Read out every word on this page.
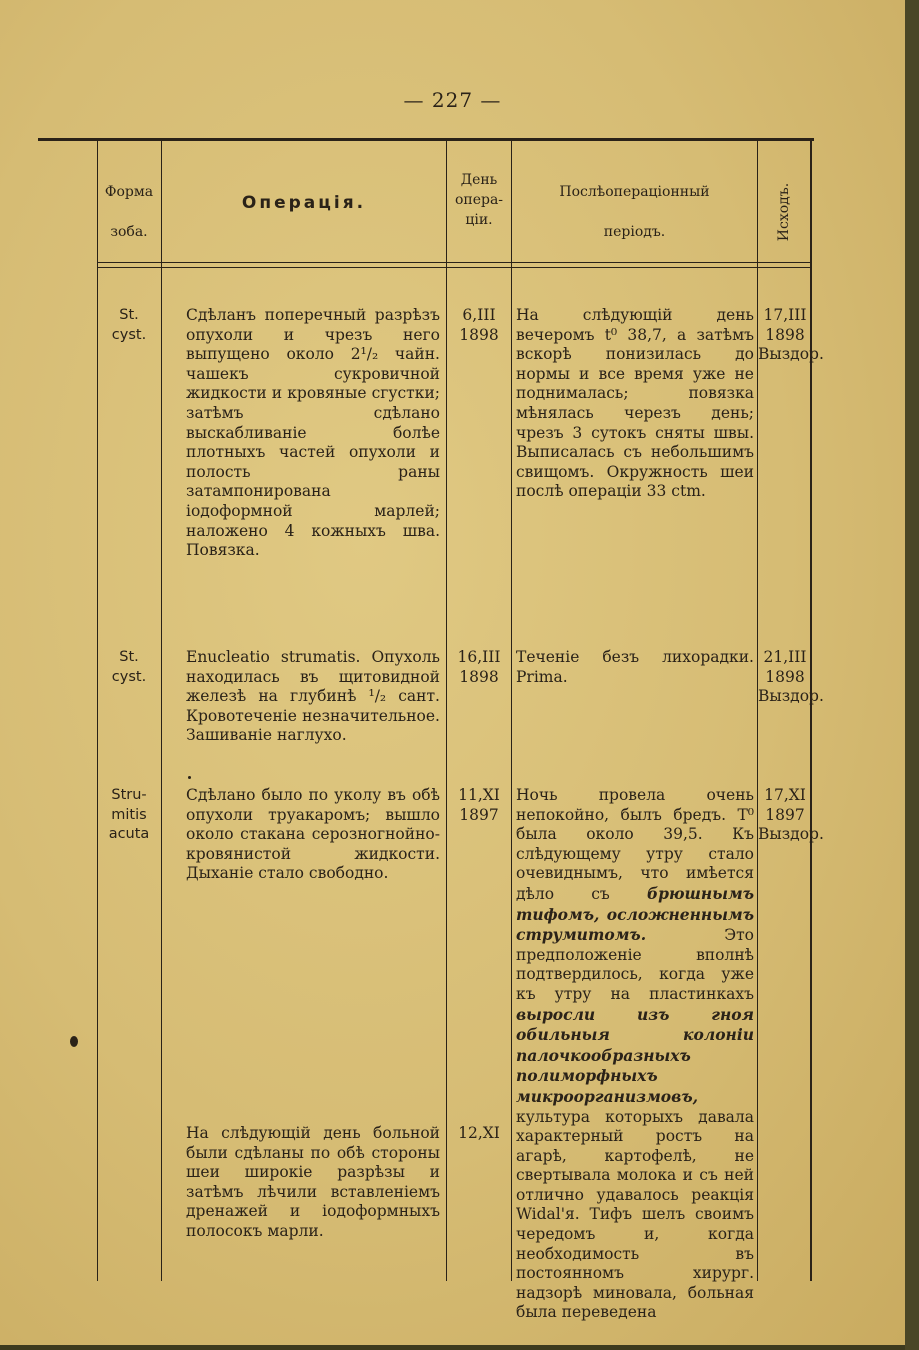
— 227 —
Форма
зоба.
Операція.
День
опера-
ціи.
Послѣопераціонный
періодъ.	Исходъ.
St.
cyst.
Сдѣланъ поперечный разрѣзъ опухоли и чрезъ него выпущено около 2¹/₂ чайн. чашекъ сукровичной жидкости и кровяные сгустки; затѣмъ сдѣлано выскабливаніе болѣе плотныхъ частей опухоли и полость раны затампонирована іодоформной марлей; наложено 4 кожныхъ шва. Повязка.
6,III
1898
На слѣдующій день вечеромъ t⁰ 38,7, а затѣмъ вскорѣ понизилась до нормы и все время уже не поднималась; повязка мѣнялась черезъ день; чрезъ 3 сутокъ сняты швы. Выписалась съ небольшимъ свищомъ. Окружность шеи послѣ операціи 33 ctm.
17,III
1898
Выздор.
St.
cyst.
Enucleatio strumatis. Опухоль находилась въ щитовидной железѣ на глубинѣ ¹/₂ сант. Кровотеченіе незначительное. Зашиваніе наглухо.
16,III
1898
Теченіе безъ лихорадки. Prima.
21,III
1898
Выздор.
Stru-
mitis
acuta
Сдѣлано было по уколу въ обѣ опухоли труакаромъ; вышло около стакана серозногнойно-кровянистой жидкости. Дыханіе стало свободно.
11,XI
1897
Ночь провела очень непокойно, былъ бредъ. T⁰ была около 39,5. Къ слѣдующему утру стало очевиднымъ, что имѣется дѣло съ брюшнымъ тифомъ, осложненнымъ струмитомъ.	Это предположеніе вполнѣ подтвердилось, когда уже къ утру на пластинкахъ выросли изъ гноя обильныя колоніи палочкообразныхъ полиморфныхъ микроорганизмовъ, культура которыхъ давала характерный ростъ на агарѣ, картофелѣ, не свертывала молока и съ ней отлично удавалось реакція Widal'я. Тифъ шелъ своимъ чередомъ и, когда необходимость въ постоянномъ хирург. надзорѣ миновала, больная была переведена
17,XI
1897
Выздор.
На слѣдующій день больной были сдѣланы по обѣ стороны шеи широкіе разрѣзы и затѣмъ лѣчили вставленіемъ дренажей и іодоформныхъ полосокъ марли.
12,XI
